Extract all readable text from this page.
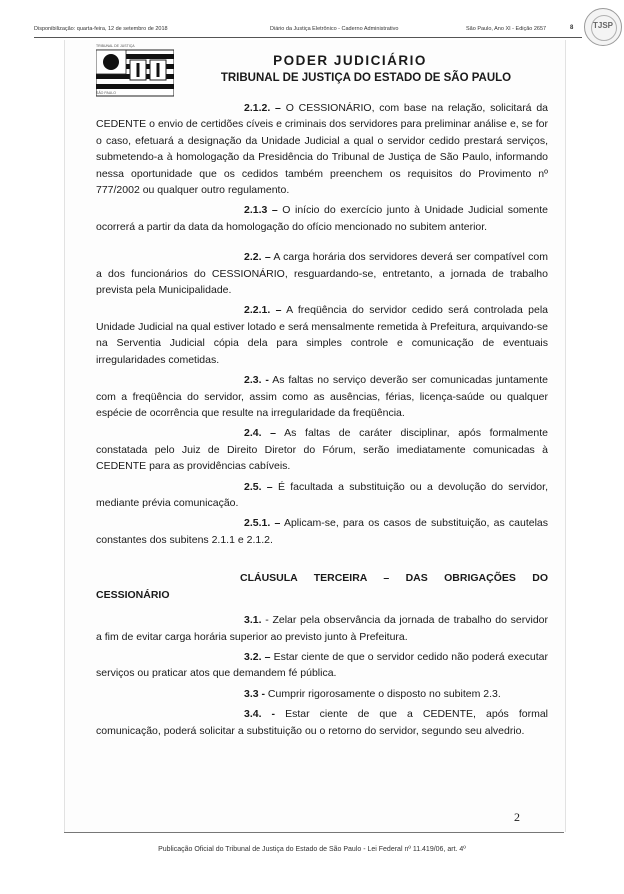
Disponibilização: quarta-feira, 12 de setembro de 2018	Diário da Justiça Eletrônico - Caderno Administrativo	São Paulo, Ano XI - Edição 2657	8	TJSP
TRIBUNAL DE JUSTIÇA
SÃO PAULO
PODER JUDICIÁRIO
TRIBUNAL DE JUSTIÇA DO ESTADO DE SÃO PAULO

2.1.2. – O CESSIONÁRIO, com base na relação, solicitará da CEDENTE o envio de certidões cíveis e criminais dos servidores para preliminar análise e, se for o caso, efetuará a designação da Unidade Judicial a qual o servidor cedido prestará serviços, submetendo-a à homologação da Presidência do Tribunal de Justiça de São Paulo, informando nessa oportunidade que os cedidos também preenchem os requisitos do Provimento nº 777/2002 ou qualquer outro regulamento.

2.1.3 – O início do exercício junto à Unidade Judicial somente ocorrerá a partir da data da homologação do ofício mencionado no subitem anterior.

2.2. – A carga horária dos servidores deverá ser compatível com a dos funcionários do CESSIONÁRIO, resguardando-se, entretanto, a jornada de trabalho prevista pela Municipalidade.

2.2.1. – A freqüência do servidor cedido será controlada pela Unidade Judicial na qual estiver lotado e será mensalmente remetida à Prefeitura, arquivando-se na Serventia Judicial cópia dela para simples controle e comunicação de eventuais irregularidades cometidas.

2.3. - As faltas no serviço deverão ser comunicadas juntamente com a freqüência do servidor, assim como as ausências, férias, licença-saúde ou qualquer espécie de ocorrência que resulte na irregularidade da freqüência.

2.4. – As faltas de caráter disciplinar, após formalmente constatada pelo Juiz de Direito Diretor do Fórum, serão imediatamente comunicadas à CEDENTE para as providências cabíveis.

2.5. – É facultada a substituição ou a devolução do servidor, mediante prévia comunicação.

2.5.1. – Aplicam-se, para os casos de substituição, as cautelas constantes dos subitens 2.1.1 e 2.1.2.

CLÁUSULA TERCEIRA – DAS OBRIGAÇÕES DO CESSIONÁRIO

3.1. - Zelar pela observância da jornada de trabalho do servidor a fim de evitar carga horária superior ao previsto junto à Prefeitura.

3.2. – Estar ciente de que o servidor cedido não poderá executar serviços ou praticar atos que demandem fé pública.

3.3 - Cumprir rigorosamente o disposto no subitem 2.3.

3.4. - Estar ciente de que a CEDENTE, após formal comunicação, poderá solicitar a substituição ou o retorno do servidor, segundo seu alvedrio.

2
Publicação Oficial do Tribunal de Justiça do Estado de São Paulo - Lei Federal nº 11.419/06, art. 4º
